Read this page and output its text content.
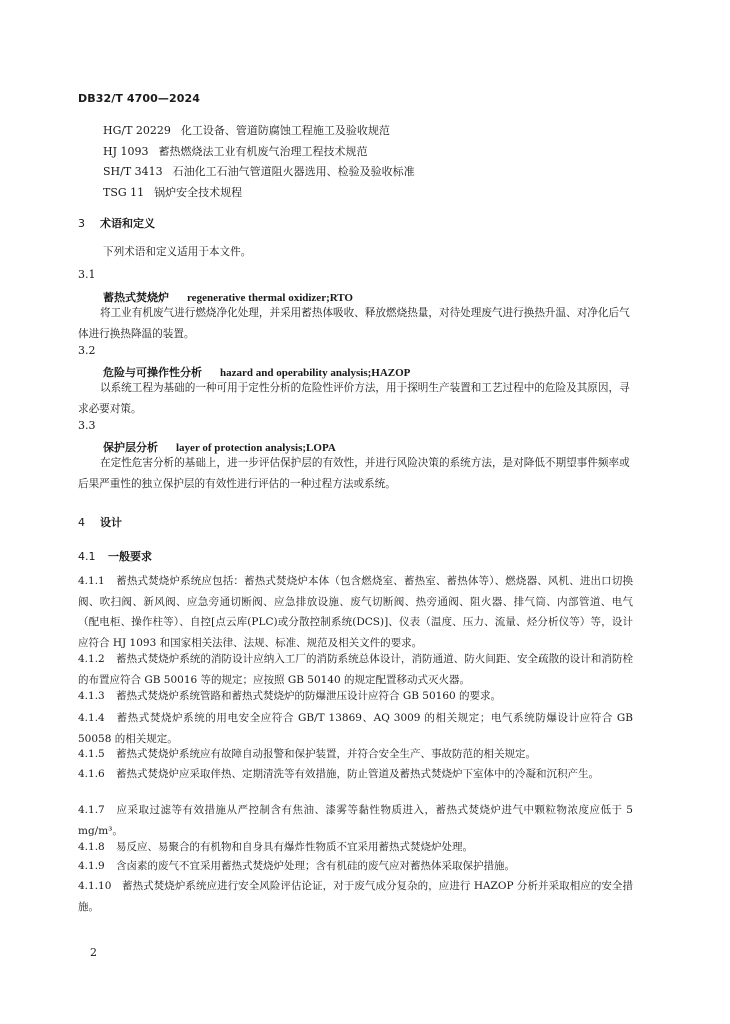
DB32/T 4700—2024
HG/T 20229 化工设备、管道防腐蚀工程施工及验收规范
HJ 1093 蓄热燃烧法工业有机废气治理工程技术规范
SH/T 3413 石油化工石油气管道阻火器选用、检验及验收标准
TSG 11 锅炉安全技术规程
3 术语和定义
下列术语和定义适用于本文件。
3.1
蓄热式焚烧炉 regenerative thermal oxidizer;RTO
将工业有机废气进行燃烧净化处理，并采用蓄热体吸收、释放燃烧热量，对待处理废气进行换热升温、对净化后气体进行换热降温的装置。
3.2
危险与可操作性分析 hazard and operability analysis;HAZOP
以系统工程为基础的一种可用于定性分析的危险性评价方法，用于探明生产装置和工艺过程中的危险及其原因，寻求必要对策。
3.3
保护层分析 layer of protection analysis;LOPA
在定性危害分析的基础上，进一步评估保护层的有效性，并进行风险决策的系统方法，是对降低不期望事件频率或后果严重性的独立保护层的有效性进行评估的一种过程方法或系统。
4 设计
4.1 一般要求
4.1.1 蓄热式焚烧炉系统应包括：蓄热式焚烧炉本体（包含燃烧室、蓄热室、蓄热体等）、燃烧器、风机、进出口切换阀、吹扫阀、新风阀、应急旁通切断阀、应急排放设施、废气切断阀、热旁通阀、阻火器、排气筒、内部管道、电气（配电柜、操作柱等）、自控[点云库(PLC)或分散控制系统(DCS)]、仪表（温度、压力、流量、烃分析仪等）等，设计应符合 HJ 1093 和国家相关法律、法规、标准、规范及相关文件的要求。
4.1.2 蓄热式焚烧炉系统的消防设计应纳入工厂的消防系统总体设计，消防通道、防火间距、安全疏散的设计和消防栓的布置应符合 GB 50016 等的规定；应按照 GB 50140 的规定配置移动式灭火器。
4.1.3 蓄热式焚烧炉系统管路和蓄热式焚烧炉的防爆泄压设计应符合 GB 50160 的要求。
4.1.4 蓄热式焚烧炉系统的用电安全应符合 GB/T 13869、AQ 3009 的相关规定；电气系统防爆设计应符合 GB 50058 的相关规定。
4.1.5 蓄热式焚烧炉系统应有故障自动报警和保护装置，并符合安全生产、事故防范的相关规定。
4.1.6 蓄热式焚烧炉应采取伴热、定期清洗等有效措施，防止管道及蓄热式焚烧炉下室体中的冷凝和沉积产生。
4.1.7 应采取过滤等有效措施从严控制含有焦油、漆雾等黏性物质进入，蓄热式焚烧炉进气中颗粒物浓度应低于 5 mg/m³。
4.1.8 易反应、易聚合的有机物和自身具有爆炸性物质不宜采用蓄热式焚烧炉处理。
4.1.9 含卤素的废气不宜采用蓄热式焚烧炉处理；含有机硅的废气应对蓄热体采取保护措施。
4.1.10 蓄热式焚烧炉系统应进行安全风险评估论证，对于废气成分复杂的，应进行 HAZOP 分析并采取相应的安全措施。
2
